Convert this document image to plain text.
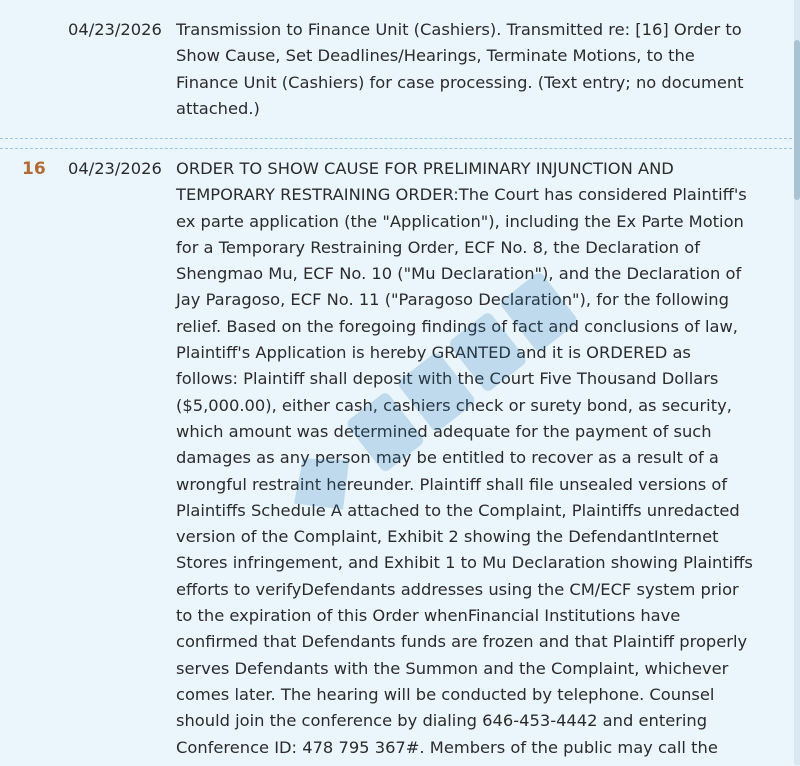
04/23/2026 Transmission to Finance Unit (Cashiers). Transmitted re: [16] Order to
Show Cause, Set Deadlines/Hearings, Terminate Motions, to the
Finance Unit (Cashiers) for case processing. (Text entry; no document
attached.)

16 04/23/2026 ORDER TO SHOW CAUSE FOR PRELIMINARY INJUNCTION AND
TEMPORARY RESTRAINING ORDER:The Court has considered Plaintiff's
ex parte application (the "Application"), including the Ex Parte Motion
for a Temporary Restraining Order, ECF No. 8, the Declaration of
Shengmao Mu, ECF No. 10 ("Mu Declaration"), and the Declaration of
Jay Paragoso, ECF No. 11 ("Paragoso Declaration"), for the following
relief. Based on the foregoing findings of fact and conclusions of law,
Plaintiff's Application is hereby GRANTED and it is ORDERED as
follows: Plaintiff shall deposit with the Court Five Thousand Dollars
($5,000.00), either cash, cashiers check or surety bond, as security,
which amount was determined adequate for the payment of such
damages as any person may be entitled to recover as a result of a
wrongful restraint hereunder. Plaintiff shall file unsealed versions of
Plaintiffs Schedule A attached to the Complaint, Plaintiffs unredacted
version of the Complaint, Exhibit 2 showing the DefendantInternet
Stores infringement, and Exhibit 1 to Mu Declaration showing Plaintiffs
efforts to verifyDefendants addresses using the CM/ECF system prior
to the expiration of this Order whenFinancial Institutions have
confirmed that Defendants funds are frozen and that Plaintiff properly
serves Defendants with the Summon and the Complaint, whichever
comes later. The hearing will be conducted by telephone. Counsel
should join the conference by dialing 646-453-4442 and entering
Conference ID: 478 795 367#. Members of the public may call the
